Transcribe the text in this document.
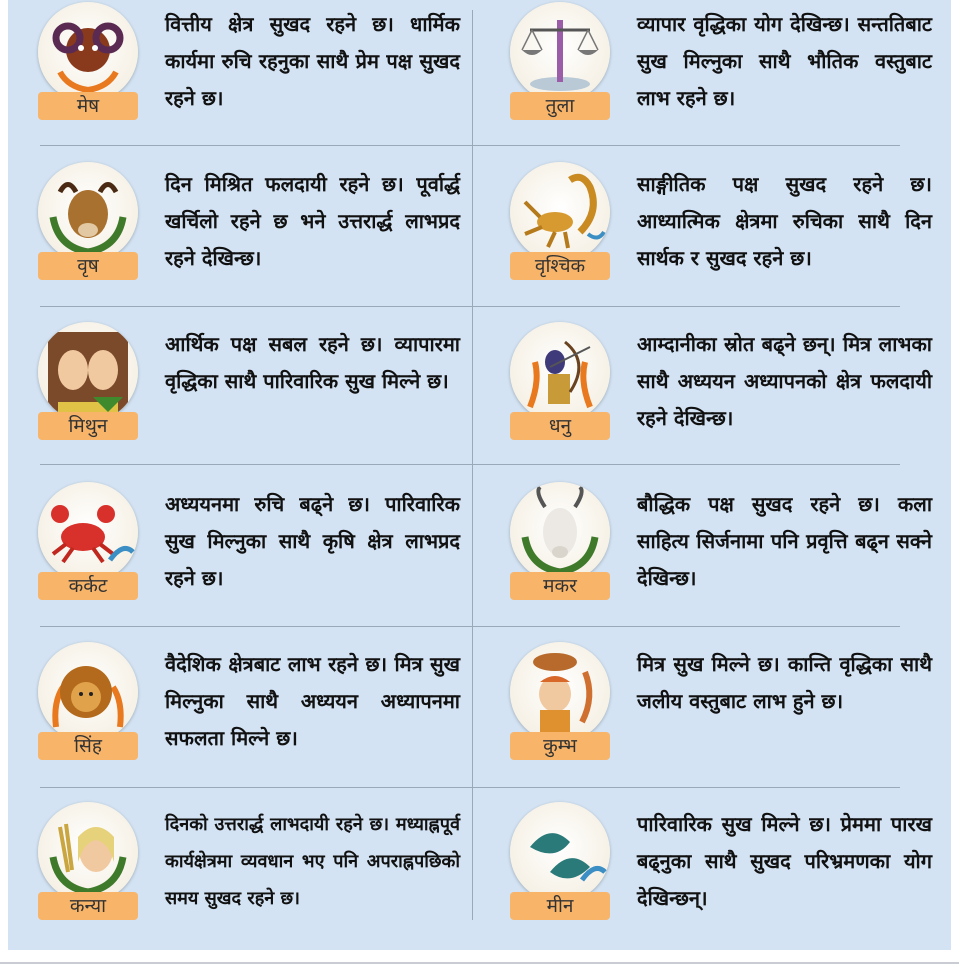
मेष
वित्तीय क्षेत्र सुखद रहने छ। धार्मिक कार्यमा रुचि रहनुका साथै प्रेम पक्ष सुखद रहने छ।	तुला
व्यापार वृद्धिका योग देखिन्छ। सन्ततिबाट सुख मिल्नुका साथै भौतिक वस्तुबाट लाभ रहने छ।
वृष
दिन मिश्रित फलदायी रहने छ। पूर्वार्द्ध खर्चिलो रहने छ भने उत्तरार्द्ध लाभप्रद रहने देखिन्छ।	वृश्चिक
साङ्गीतिक पक्ष सुखद रहने छ। आध्यात्मिक क्षेत्रमा रुचिका साथै दिन सार्थक र सुखद रहने छ।
मिथुन
आर्थिक पक्ष सबल रहने छ। व्यापारमा वृद्धिका साथै पारिवारिक सुख मिल्ने छ।
धनु
आम्दानीका स्रोत बढ्ने छन्। मित्र लाभका साथै अध्ययन अध्यापनको क्षेत्र फलदायी रहने देखिन्छ।
कर्कट
अध्ययनमा रुचि बढ्ने छ। पारिवारिक सुख मिल्नुका साथै कृषि क्षेत्र लाभप्रद रहने छ।	मकर
बौद्धिक पक्ष सुखद रहने छ। कला साहित्य सिर्जनामा पनि प्रवृत्ति बढ्न सक्ने देखिन्छ।
सिंह
वैदेशिक क्षेत्रबाट लाभ रहने छ। मित्र सुख मिल्नुका साथै अध्ययन अध्यापनमा सफलता मिल्ने छ।	कुम्भ
मित्र सुख मिल्ने छ। कान्ति वृद्धिका साथै जलीय वस्तुबाट लाभ हुने छ।
कन्या
दिनको उत्तरार्द्ध लाभदायी रहने छ। मध्याह्नपूर्व कार्यक्षेत्रमा व्यवधान भए पनि अपराह्नपछिको समय सुखद रहने छ।	मीन
पारिवारिक सुख मिल्ने छ। प्रेममा पारख बढ्नुका साथै सुखद परिभ्रमणका योग देखिन्छन्।
